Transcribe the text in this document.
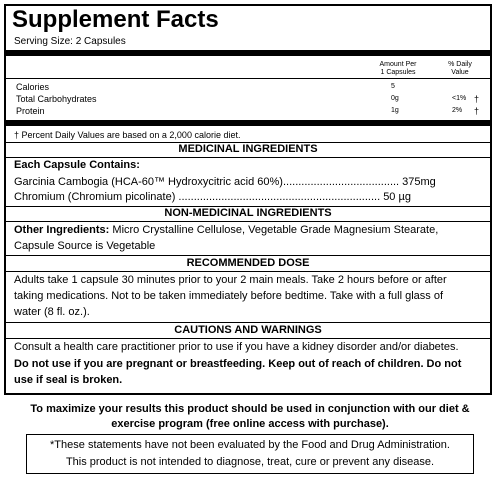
Supplement Facts
Serving Size: 2 Capsules
Amount Per
1 Capsules
% Daily
Value
Calories	5
Total Carbohydrates	0g	<1% †
Protein	1g	2% †
† Percent Daily Values are based on a 2,000 calorie diet.
MEDICINAL INGREDIENTS
Each Capsule Contains:
Garcinia Cambogia (HCA-60™ Hydroxycitric acid 60%)...................................... 375mg
Chromium (Chromium picolinate) .................................................................. 50 µg
NON-MEDICINAL INGREDIENTS
Other Ingredients: Micro Crystalline Cellulose, Vegetable Grade Magnesium Stearate,
Capsule Source is Vegetable
RECOMMENDED DOSE
Adults take 1 capsule 30 minutes prior to your 2 main meals. Take 2 hours before or after
taking medications. Not to be taken immediately before bedtime. Take with a full glass of
water (8 fl. oz.).
CAUTIONS AND WARNINGS
Consult a health care practitioner prior to use if you have a kidney disorder and/or diabetes.
Do not use if you are pregnant or breastfeeding. Keep out of reach of children. Do not
use if seal is broken.
To maximize your results this product should be used in conjunction with our diet &
exercise program (free online access with purchase).
*These statements have not been evaluated by the Food and Drug Administration.
This product is not intended to diagnose, treat, cure or prevent any disease.
